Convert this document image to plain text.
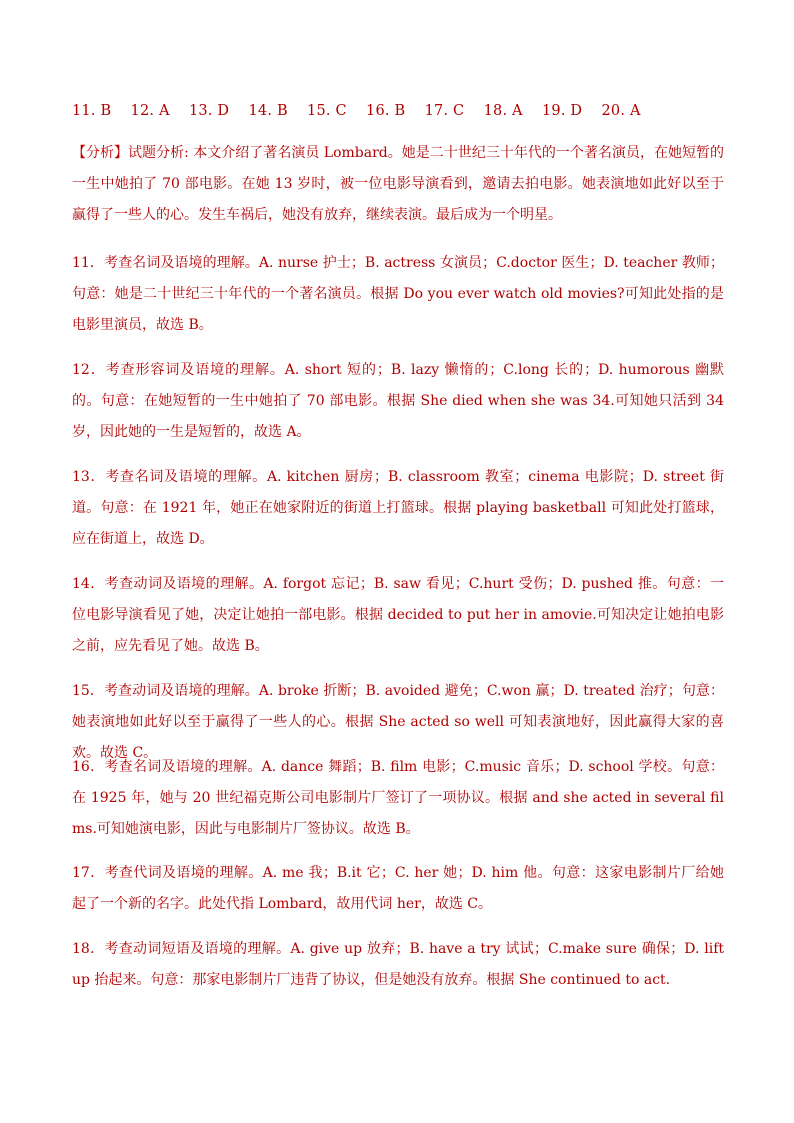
11. B    12. A    13. D    14. B    15. C    16. B    17. C    18. A    19. D    20. A
【分析】试题分析: 本文介绍了著名演员 Lombard。她是二十世纪三十年代的一个著名演员，在她短暂的一生中她拍了 70 部电影。在她 13 岁时，被一位电影导演看到，邀请去拍电影。她表演地如此好以至于赢得了一些人的心。发生车祸后，她没有放弃，继续表演。最后成为一个明星。
11．考查名词及语境的理解。A. nurse 护士；B. actress 女演员；C.doctor 医生；D. teacher 教师；句意：她是二十世纪三十年代的一个著名演员。根据 Do you ever watch old movies?可知此处指的是电影里演员，故选 B。
12．考查形容词及语境的理解。A. short 短的；B. lazy 懒惰的；C.long 长的；D. humorous 幽默的。句意：在她短暂的一生中她拍了 70 部电影。根据 She died when she was 34.可知她只活到 34 岁，因此她的一生是短暂的，故选 A。
13．考查名词及语境的理解。A. kitchen 厨房；B. classroom 教室；cinema 电影院；D. street 街道。句意：在 1921 年，她正在她家附近的街道上打篮球。根据 playing basketball 可知此处打篮球，应在街道上，故选 D。
14．考查动词及语境的理解。A. forgot 忘记；B. saw 看见；C.hurt 受伤；D. pushed 推。句意：一位电影导演看见了她，决定让她拍一部电影。根据 decided to put her in amovie.可知决定让她拍电影之前，应先看见了她。故选 B。
15．考查动词及语境的理解。A. broke 折断；B. avoided 避免；C.won 赢；D. treated 治疗；句意：她表演地如此好以至于赢得了一些人的心。根据 She acted so well 可知表演地好，因此赢得大家的喜欢。故选 C。
16．考查名词及语境的理解。A. dance 舞蹈；B. film 电影；C.music 音乐；D. school 学校。句意：在 1925 年，她与 20 世纪福克斯公司电影制片厂签订了一项协议。根据 and she acted in several films.可知她演电影，因此与电影制片厂签协议。故选 B。
17．考查代词及语境的理解。A. me 我；B.it 它；C. her 她；D. him 他。句意：这家电影制片厂给她起了一个新的名字。此处代指 Lombard，故用代词 her，故选 C。
18．考查动词短语及语境的理解。A. give up 放弃；B. have a try 试试；C.make sure 确保；D. lift up 抬起来。句意：那家电影制片厂违背了协议，但是她没有放弃。根据 She continued to act.
